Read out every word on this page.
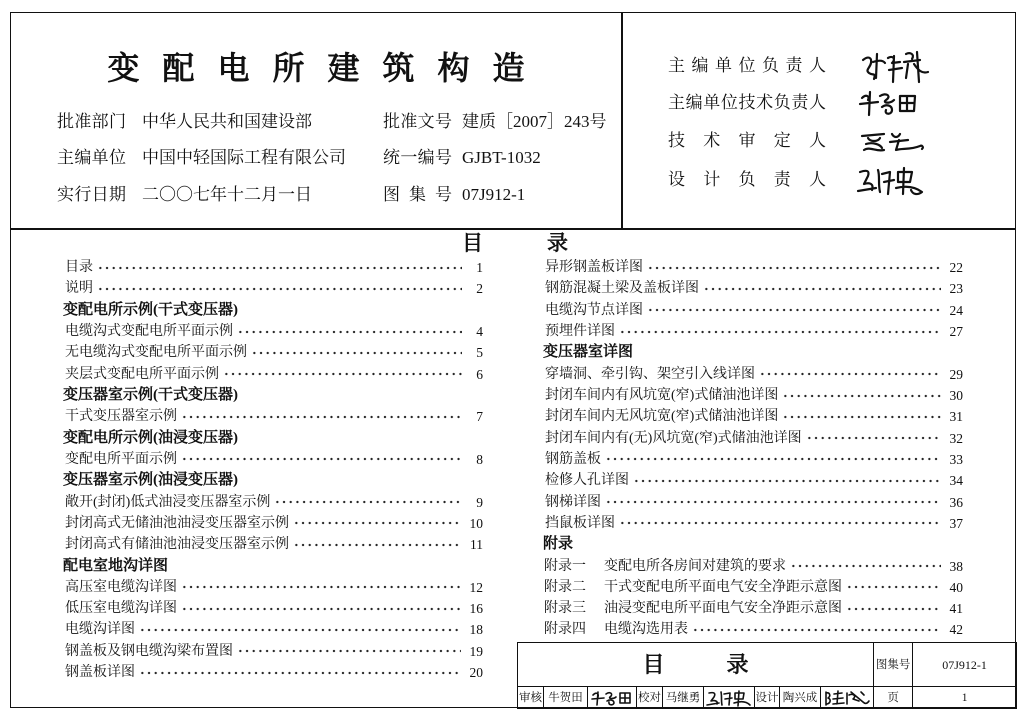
变配电所建筑构造
批准部门 中华人民共和国建设部	批准文号 建质［2007］243号
主编单位 中国中轻国际工程有限公司 统一编号 GJBT-1032
实行日期 二〇〇七年十二月一日	图集号 07J912-1
主编单位负责人
主编单位技术负责人
技术审定人
设计负责人
目录
目录	1
说明	2
变配电所示例(干式变压器)
电缆沟式变配电所平面示例	4
无电缆沟式变配电所平面示例	5
夹层式变配电所平面示例	6
变压器室示例(干式变压器)
干式变压器室示例	7
变配电所示例(油浸变压器)
变配电所平面示例	8
变压器室示例(油浸变压器)
敞开(封闭)低式油浸变压器室示例	9
封闭高式无储油池油浸变压器室示例	10
封闭高式有储油池油浸变压器室示例	11
配电室地沟详图
高压室电缆沟详图	12
低压室电缆沟详图	16
电缆沟详图	18
钢盖板及钢电缆沟梁布置图	19
钢盖板详图	20
异形钢盖板详图	22
钢筋混凝土梁及盖板详图	23
电缆沟节点详图	24
预埋件详图	27
变压器室详图
穿墙洞、牵引钩、架空引入线详图	29
封闭车间内有风坑宽(窄)式储油池详图	30
封闭车间内无风坑宽(窄)式储油池详图	31
封闭车间内有(无)风坑宽(窄)式储油池详图	32
钢筋盖板	33
检修人孔详图	34
钢梯详图	36
挡鼠板详图	37
附录
附录一 变配电所各房间对建筑的要求	38
附录二 干式变配电所平面电气安全净距示意图	40
附录三 油浸变配电所平面电气安全净距示意图	41
附录四 电缆沟选用表	42
目录									图集号	07J912-1
审核	牛贺田		校对	马继勇		设计	陶兴成		页	1
